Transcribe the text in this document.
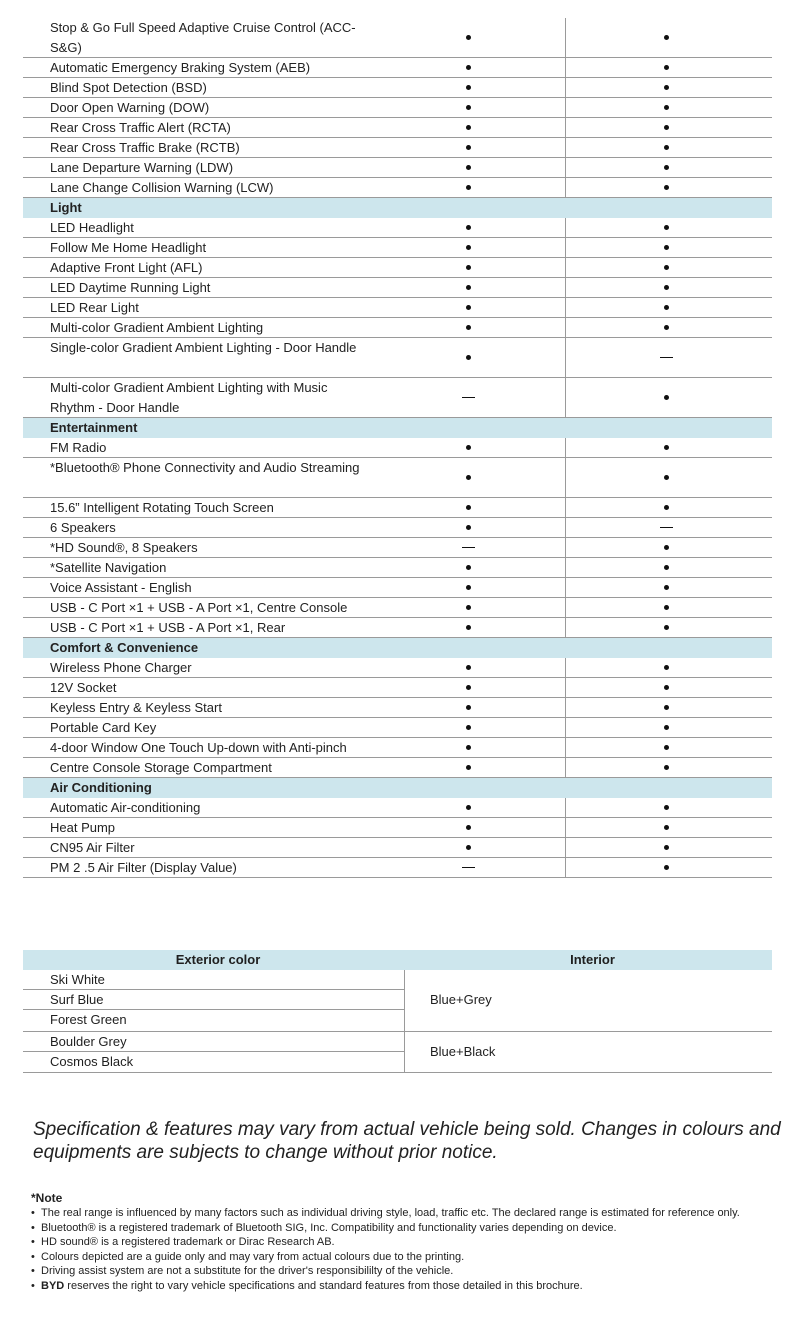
Stop & Go Full Speed Adaptive Cruise Control (ACC-S&G)
Automatic Emergency Braking System (AEB)
Blind Spot Detection (BSD)
Door Open Warning (DOW)
Rear Cross Traffic Alert (RCTA)
Rear Cross Traffic Brake (RCTB)
Lane Departure Warning (LDW)
Lane Change Collision Warning (LCW)
Light
LED Headlight
Follow Me Home Headlight
Adaptive Front Light (AFL)
LED Daytime Running Light
LED Rear Light
Multi-color Gradient Ambient Lighting
Single-color Gradient Ambient Lighting - Door Handle
Multi-color Gradient Ambient Lighting with Music Rhythm - Door Handle
Entertainment
FM Radio
*Bluetooth® Phone Connectivity and Audio Streaming
15.6” Intelligent Rotating Touch Screen
6 Speakers
*HD Sound®, 8 Speakers
*Satellite Navigation
Voice Assistant - English
USB - C Port ×1 + USB - A Port ×1, Centre Console
USB - C Port ×1 + USB - A Port ×1, Rear
Comfort & Convenience
Wireless Phone Charger
12V Socket
Keyless Entry & Keyless Start
Portable Card Key
4-door Window One Touch Up-down with Anti-pinch
Centre Console Storage Compartment
Air Conditioning
Automatic Air-conditioning
Heat Pump
CN95 Air Filter
PM 2 .5 Air Filter (Display Value)
Exterior color	Interior
Ski White
Surf Blue
Forest Green
Boulder Grey
Cosmos Black
Blue+Grey
Blue+Black
Specification & features may vary from actual vehicle being sold. Changes in colours and equipments are subjects to change without prior notice.
*Note
• The real range is influenced by many factors such as individual driving style, load, traffic etc. The declared range is estimated for reference only.
• Bluetooth® is a registered trademark of Bluetooth SIG, Inc. Compatibility and functionality varies depending on device.
• HD sound® is a registered trademark or Dirac Research AB.
• Colours depicted are a guide only and may vary from actual colours due to the printing.
• Driving assist system are not a substitute for the driver's responsibililty of the vehicle.
• BYD reserves the right to vary vehicle specifications and standard features from those detailed in this brochure.
